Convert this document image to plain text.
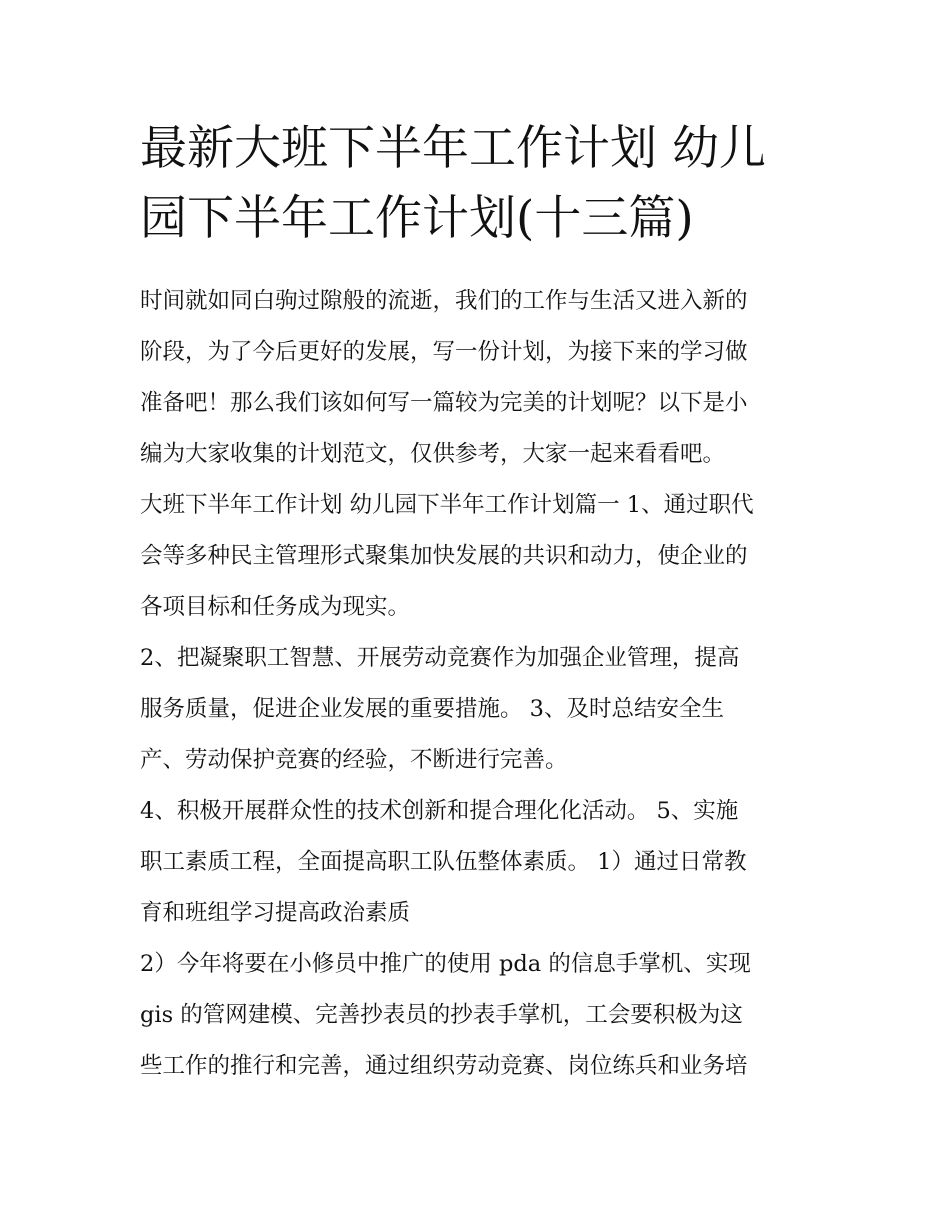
最新大班下半年工作计划 幼儿
园下半年工作计划(十三篇)

时间就如同白驹过隙般的流逝，我们的工作与生活又进入新的
阶段，为了今后更好的发展，写一份计划，为接下来的学习做
准备吧！那么我们该如何写一篇较为完美的计划呢？以下是小
编为大家收集的计划范文，仅供参考，大家一起来看看吧。

大班下半年工作计划 幼儿园下半年工作计划篇一 1、通过职代
会等多种民主管理形式聚集加快发展的共识和动力，使企业的
各项目标和任务成为现实。

2、把凝聚职工智慧、开展劳动竞赛作为加强企业管理，提高
服务质量，促进企业发展的重要措施。 3、及时总结安全生
产、劳动保护竞赛的经验，不断进行完善。

4、积极开展群众性的技术创新和提合理化化活动。 5、实施
职工素质工程，全面提高职工队伍整体素质。 1）通过日常教
育和班组学习提高政治素质

2）今年将要在小修员中推广的使用 pda 的信息手掌机、实现
gis 的管网建模、完善抄表员的抄表手掌机，工会要积极为这
些工作的推行和完善，通过组织劳动竞赛、岗位练兵和业务培
